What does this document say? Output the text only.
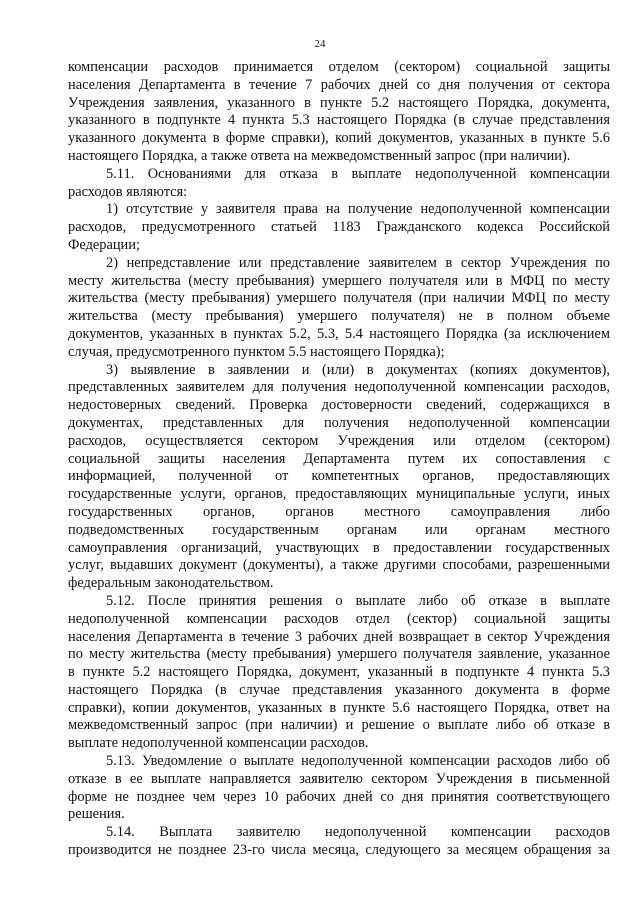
24
компенсации расходов принимается отделом (сектором) социальной защиты
населения Департамента в течение 7 рабочих дней со дня получения от сектора
Учреждения заявления, указанного в пункте 5.2 настоящего Порядка, документа,
указанного в подпункте 4 пункта 5.3 настоящего Порядка (в случае представления
указанного документа в форме справки), копий документов, указанных в пункте 5.6
настоящего Порядка, а также ответа на межведомственный запрос (при наличии).
5.11. Основаниями для отказа в выплате недополученной компенсации
расходов являются:
1) отсутствие у заявителя права на получение недополученной компенсации
расходов, предусмотренного статьей 1183 Гражданского кодекса Российской
Федерации;
2) непредставление или представление заявителем в сектор Учреждения по
месту жительства (месту пребывания) умершего получателя или в МФЦ по месту
жительства (месту пребывания) умершего получателя (при наличии МФЦ по месту
жительства (месту пребывания) умершего получателя) не в полном объеме
документов, указанных в пунктах 5.2, 5.3, 5.4 настоящего Порядка (за исключением
случая, предусмотренного пунктом 5.5 настоящего Порядка);
3) выявление в заявлении и (или) в документах (копиях документов),
представленных заявителем для получения недополученной компенсации расходов,
недостоверных сведений. Проверка достоверности сведений, содержащихся в
документах, представленных для получения недополученной компенсации
расходов, осуществляется сектором Учреждения или отделом (сектором)
социальной защиты населения Департамента путем их сопоставления с
информацией, полученной от компетентных органов, предоставляющих
государственные услуги, органов, предоставляющих муниципальные услуги, иных
государственных органов, органов местного самоуправления либо
подведомственных государственным органам или органам местного
самоуправления организаций, участвующих в предоставлении государственных
услуг, выдавших документ (документы), а также другими способами, разрешенными
федеральным законодательством.
5.12. После принятия решения о выплате либо об отказе в выплате
недополученной компенсации расходов отдел (сектор) социальной защиты
населения Департамента в течение 3 рабочих дней возвращает в сектор Учреждения
по месту жительства (месту пребывания) умершего получателя заявление, указанное
в пункте 5.2 настоящего Порядка, документ, указанный в подпункте 4 пункта 5.3
настоящего Порядка (в случае представления указанного документа в форме
справки), копии документов, указанных в пункте 5.6 настоящего Порядка, ответ на
межведомственный запрос (при наличии) и решение о выплате либо об отказе в
выплате недополученной компенсации расходов.
5.13. Уведомление о выплате недополученной компенсации расходов либо об
отказе в ее выплате направляется заявителю сектором Учреждения в письменной
форме не позднее чем через 10 рабочих дней со дня принятия соответствующего
решения.
5.14. Выплата заявителю недополученной компенсации расходов
производится не позднее 23-го числа месяца, следующего за месяцем обращения за
